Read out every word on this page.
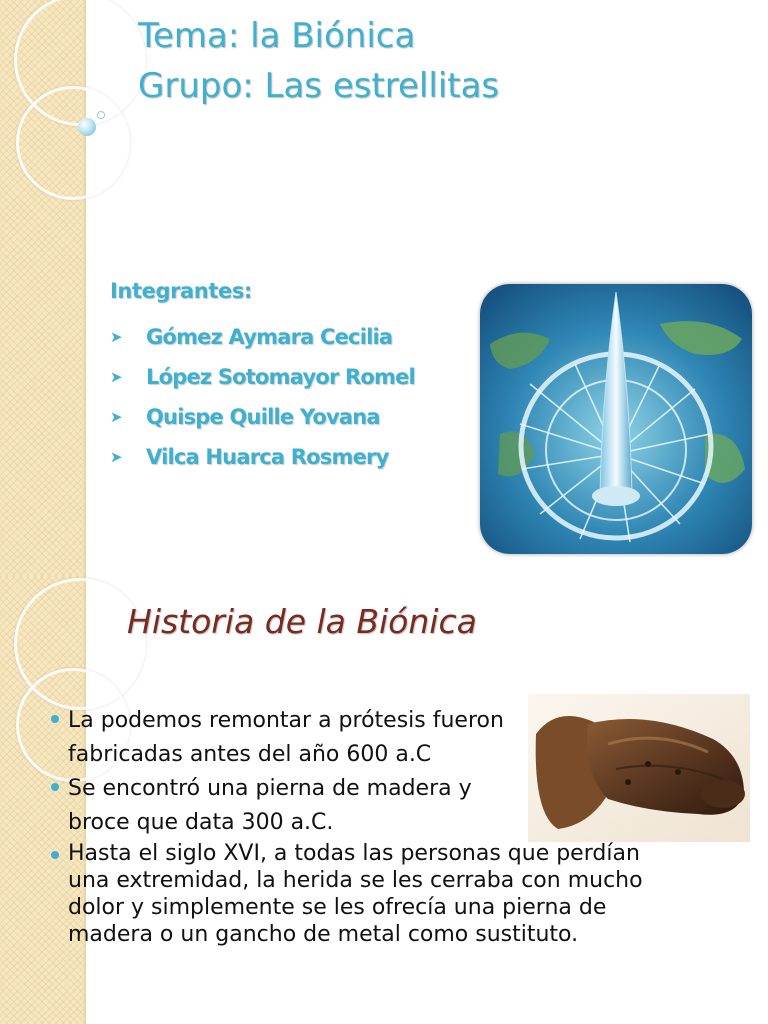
Tema: la Biónica
Grupo: Las estrellitas
Integrantes:
➤	Gómez Aymara Cecilia
➤	López Sotomayor Romel
➤	Quispe Quille Yovana
➤	Vilca Huarca Rosmery
Historia de la Biónica
La podemos remontar a prótesis fueron fabricadas antes del año 600 a.C
Se encontró una pierna de madera y broce que data 300 a.C.
Hasta el siglo XVI, a todas las personas que perdían una extremidad, la herida se les cerraba con mucho dolor y simplemente se les ofrecía una pierna de madera o un gancho de metal como sustituto.
